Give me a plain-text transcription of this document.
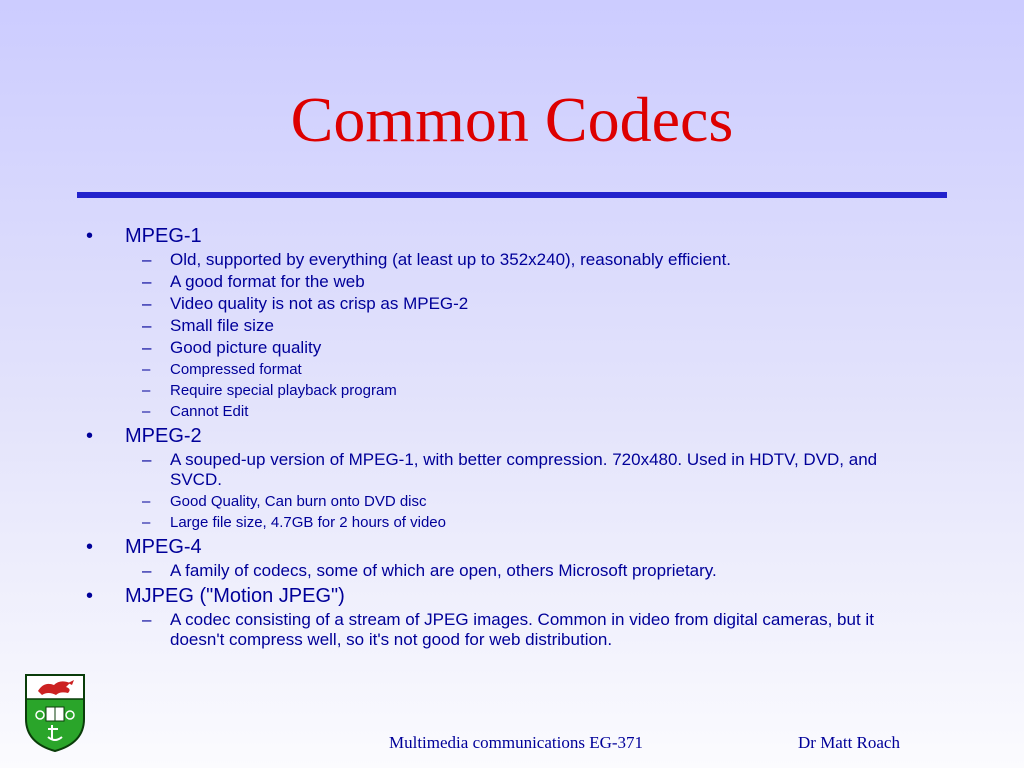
Common Codecs
• MPEG-1
– Old, supported by everything (at least up to 352x240), reasonably efficient.
– A good format for the web
– Video quality is not as crisp as MPEG-2
– Small file size
– Good picture quality
– Compressed format
– Require special playback program
– Cannot Edit
• MPEG-2
– A souped-up version of MPEG-1, with better compression. 720x480. Used in HDTV, DVD, and SVCD.
– Good Quality, Can burn onto DVD disc
– Large file size, 4.7GB for 2 hours of video
• MPEG-4
– A family of codecs, some of which are open, others Microsoft proprietary.
• MJPEG ("Motion JPEG")
– A codec consisting of a stream of JPEG images. Common in video from digital cameras, but it doesn't compress well, so it's not good for web distribution.
Multimedia communications EG-371	Dr Matt Roach
